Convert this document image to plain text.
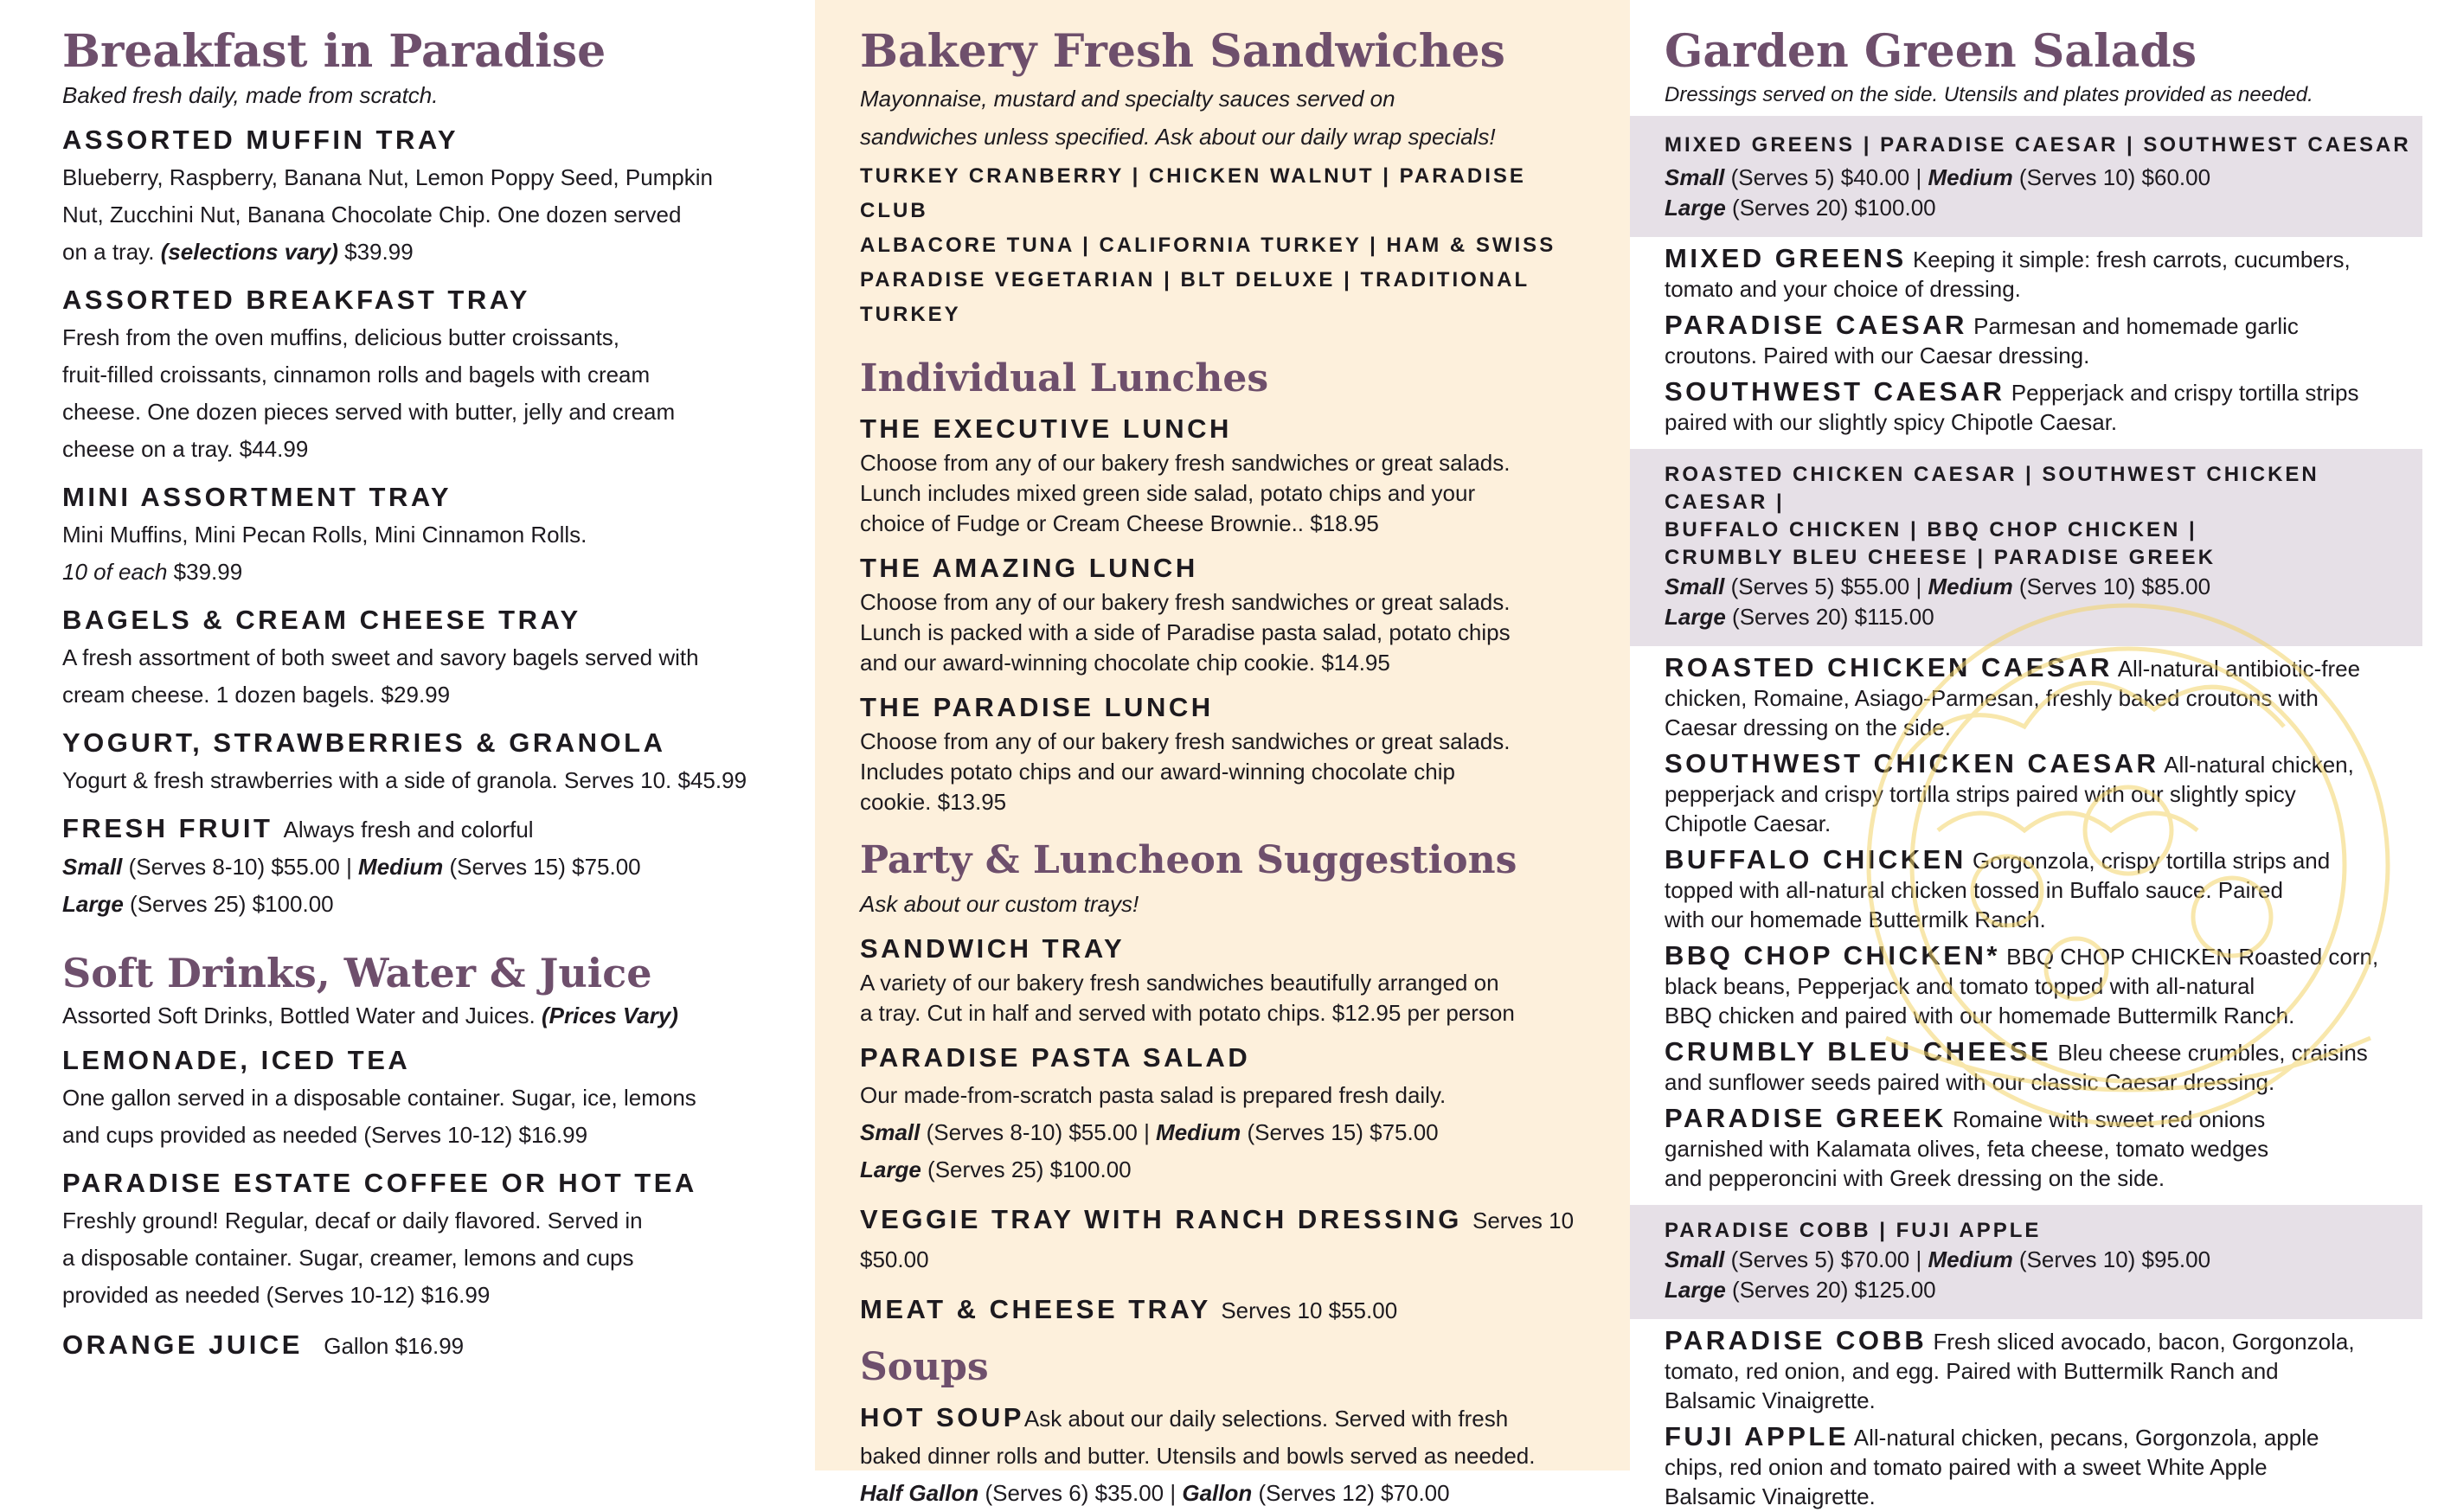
Breakfast in Paradise

Baked fresh daily, made from scratch.

ASSORTED MUFFIN TRAY

Blueberry, Raspberry, Banana Nut, Lemon Poppy Seed, Pumpkin

Nut, Zucchini Nut, Banana Chocolate Chip. One dozen served

on a tray. (selections vary) $39.99

ASSORTED BREAKFAST TRAY

Fresh from the oven muffins, delicious butter croissants,

fruit-filled croissants, cinnamon rolls and bagels with cream

cheese. One dozen pieces served with butter, jelly and cream

cheese on a tray. $44.99

MINI ASSORTMENT TRAY

Mini Muffins, Mini Pecan Rolls, Mini Cinnamon Rolls.

10 of each $39.99

BAGELS & CREAM CHEESE TRAY

A fresh assortment of both sweet and savory bagels served with

cream cheese. 1 dozen bagels. $29.99

YOGURT, STRAWBERRIES & GRANOLA

Yogurt & fresh strawberries with a side of granola. Serves 10. $45.99

FRESH FRUIT Always fresh and colorful

Small (Serves 8-10) $55.00 | Medium (Serves 15) $75.00

Large (Serves 25) $100.00

Soft Drinks, Water & Juice

Assorted Soft Drinks, Bottled Water and Juices. (Prices Vary)

LEMONADE, ICED TEA

One gallon served in a disposable container. Sugar, ice, lemons

and cups provided as needed (Serves 10-12) $16.99

PARADISE ESTATE COFFEE OR HOT TEA

Freshly ground! Regular, decaf or daily flavored. Served in

a disposable container. Sugar, creamer, lemons and cups

provided as needed (Serves 10-12) $16.99

ORANGE JUICE Gallon $16.99

Bakery Fresh Sandwiches

Mayonnaise, mustard and specialty sauces served on

sandwiches unless specified. Ask about our daily wrap specials!

TURKEY CRANBERRY | CHICKEN WALNUT | PARADISE CLUB

ALBACORE TUNA | CALIFORNIA TURKEY | HAM & SWISS

PARADISE VEGETARIAN | BLT DELUXE | TRADITIONAL TURKEY

Individual Lunches

THE EXECUTIVE LUNCH

Choose from any of our bakery fresh sandwiches or great salads.

Lunch includes mixed green side salad, potato chips and your

choice of Fudge or Cream Cheese Brownie.. $18.95

THE AMAZING LUNCH

Choose from any of our bakery fresh sandwiches or great salads.

Lunch is packed with a side of Paradise pasta salad, potato chips

and our award-winning chocolate chip cookie. $14.95

THE PARADISE LUNCH

Choose from any of our bakery fresh sandwiches or great salads.

Includes potato chips and our award-winning chocolate chip

cookie. $13.95

Party & Luncheon Suggestions

Ask about our custom trays!

SANDWICH TRAY

A variety of our bakery fresh sandwiches beautifully arranged on

a tray. Cut in half and served with potato chips. $12.95 per person

PARADISE PASTA SALAD

Our made-from-scratch pasta salad is prepared fresh daily.

Small (Serves 8-10) $55.00 | Medium (Serves 15) $75.00

Large (Serves 25) $100.00

VEGGIE TRAY WITH RANCH DRESSING Serves 10 $50.00

MEAT & CHEESE TRAY Serves 10 $55.00

Soups

HOT SOUPAsk about our daily selections. Served with fresh

baked dinner rolls and butter. Utensils and bowls served as needed.

Half Gallon (Serves 6) $35.00 | Gallon (Serves 12) $70.00

Garden Green Salads

Dressings served on the side. Utensils and plates provided as needed.

MIXED GREENS | PARADISE CAESAR | SOUTHWEST CAESAR

Small (Serves 5) $40.00 | Medium (Serves 10) $60.00

Large (Serves 20) $100.00

MIXED GREENS Keeping it simple: fresh carrots, cucumbers,
tomato and your choice of dressing.

PARADISE CAESAR Parmesan and homemade garlic
croutons. Paired with our Caesar dressing.

SOUTHWEST CAESAR Pepperjack and crispy tortilla strips
paired with our slightly spicy Chipotle Caesar.

ROASTED CHICKEN CAESAR | SOUTHWEST CHICKEN CAESAR |

BUFFALO CHICKEN | BBQ CHOP CHICKEN |

CRUMBLY BLEU CHEESE | PARADISE GREEK

Small (Serves 5) $55.00 | Medium (Serves 10) $85.00

Large (Serves 20) $115.00

ROASTED CHICKEN CAESAR All-natural antibiotic-free
chicken, Romaine, Asiago-Parmesan, freshly baked croutons with
Caesar dressing on the side.

SOUTHWEST CHICKEN CAESAR All-natural chicken,
pepperjack and crispy tortilla strips paired with our slightly spicy
Chipotle Caesar.

BUFFALO CHICKEN Gorgonzola, crispy tortilla strips and
topped with all-natural chicken tossed in Buffalo sauce. Paired
with our homemade Buttermilk Ranch.

BBQ CHOP CHICKEN* BBQ CHOP CHICKEN Roasted corn,
black beans, Pepperjack and tomato topped with all-natural
BBQ chicken and paired with our homemade Buttermilk Ranch.

CRUMBLY BLEU CHEESE Bleu cheese crumbles, craisins
and sunflower seeds paired with our classic Caesar dressing.

PARADISE GREEK Romaine with sweet red onions
garnished with Kalamata olives, feta cheese, tomato wedges
and pepperoncini with Greek dressing on the side.

PARADISE COBB | FUJI APPLE

Small (Serves 5) $70.00 | Medium (Serves 10) $95.00

Large (Serves 20) $125.00

PARADISE COBB Fresh sliced avocado, bacon, Gorgonzola,
tomato, red onion, and egg. Paired with Buttermilk Ranch and
Balsamic Vinaigrette.

FUJI APPLE All-natural chicken, pecans, Gorgonzola, apple
chips, red onion and tomato paired with a sweet White Apple
Balsamic Vinaigrette.
